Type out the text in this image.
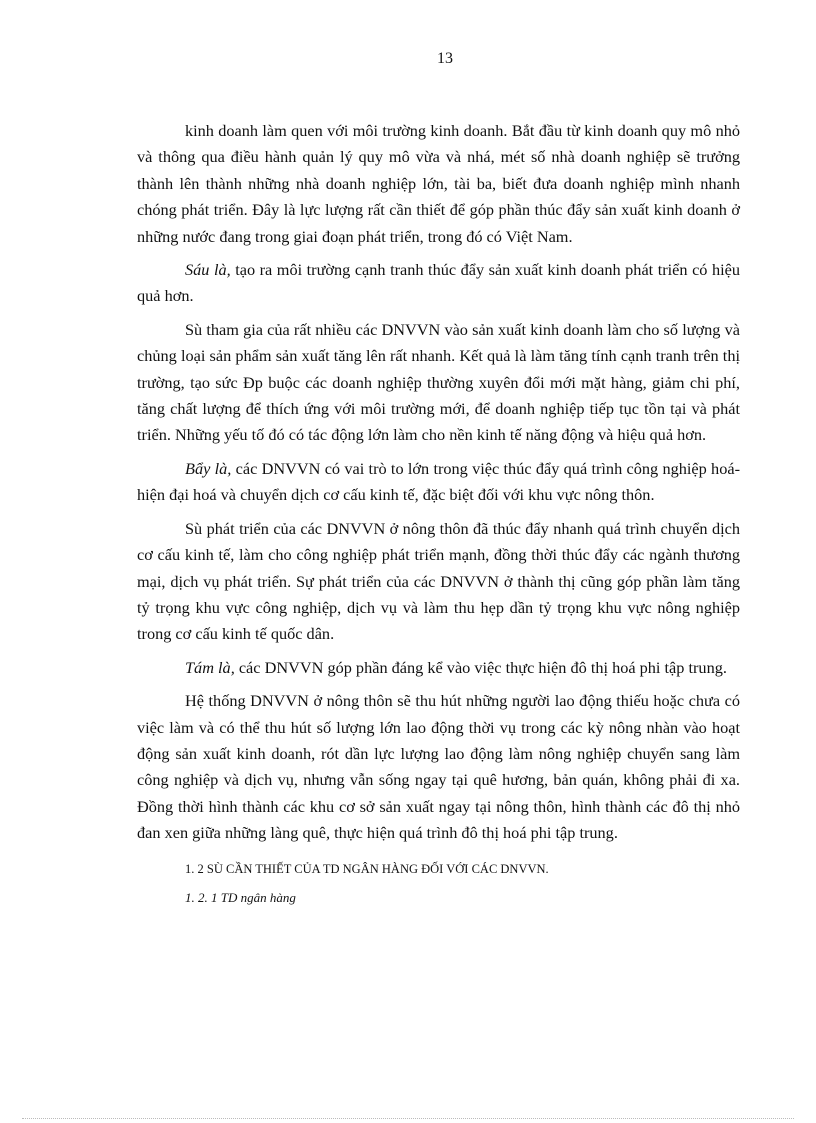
13

kinh doanh làm quen với môi trường kinh doanh. Bắt đầu từ kinh doanh quy mô nhỏ và thông qua điều hành quản lý quy mô vừa và nhá, mét số nhà doanh nghiệp sẽ trưởng thành lên thành những nhà doanh nghiệp lớn, tài ba, biết đưa doanh nghiệp mình nhanh chóng phát triển. Đây là lực lượng rất cần thiết để góp phần thúc đẩy sản xuất kinh doanh ở những nước đang trong giai đoạn phát triển, trong đó có Việt Nam.

Sáu là, tạo ra môi trường cạnh tranh thúc đẩy sản xuất kinh doanh phát triển có hiệu quả hơn.

Sù tham gia của rất nhiều các DNVVN vào sản xuất kinh doanh làm cho số lượng và chủng loại sản phẩm sản xuất tăng lên rất nhanh. Kết quả là làm tăng tính cạnh tranh trên thị trường, tạo sức Ðp buộc các doanh nghiệp thường xuyên đổi mới mặt hàng, giảm chi phí, tăng chất lượng để thích ứng với môi trường mới, để doanh nghiệp tiếp tục tồn tại và phát triển. Những yếu tố đó có tác động lớn làm cho nền kinh tế năng động và hiệu quả hơn.

Bẩy là, các DNVVN có vai trò to lớn trong việc thúc đẩy quá trình công nghiệp hoá- hiện đại hoá và chuyển dịch cơ cấu kinh tế, đặc biệt đối với khu vực nông thôn.

Sù phát triển của các DNVVN ở nông thôn đã thúc đẩy nhanh quá trình chuyển dịch cơ cấu kinh tế, làm cho công nghiệp phát triển mạnh, đồng thời thúc đẩy các ngành thương mại, dịch vụ phát triển. Sự phát triển của các DNVVN ở thành thị cũng góp phần làm tăng tỷ trọng khu vực công nghiệp, dịch vụ và làm thu hẹp dần tỷ trọng khu vực nông nghiệp trong cơ cấu kinh tế quốc dân.

Tám là, các DNVVN góp phần đáng kể vào việc thực hiện đô thị hoá phi tập trung.

Hệ thống DNVVN ở nông thôn sẽ thu hút những người lao động thiếu hoặc chưa có việc làm và có thể thu hút số lượng lớn lao động thời vụ trong các kỳ nông nhàn vào hoạt động sản xuất kinh doanh, rót dần lực lượng lao động làm nông nghiệp chuyển sang làm công nghiệp và dịch vụ, nhưng vẫn sống ngay tại quê hương, bản quán, không phải đi xa. Đồng thời hình thành các khu cơ sở sản xuất ngay tại nông thôn, hình thành các đô thị nhỏ đan xen giữa những làng quê, thực hiện quá trình đô thị hoá phi tập trung.

1. 2 SÙ CẦN THIẾT CỦA TD NGÂN HÀNG ĐỐI VỚI CÁC DNVVN.
1. 2. 1 TD ngân hàng
